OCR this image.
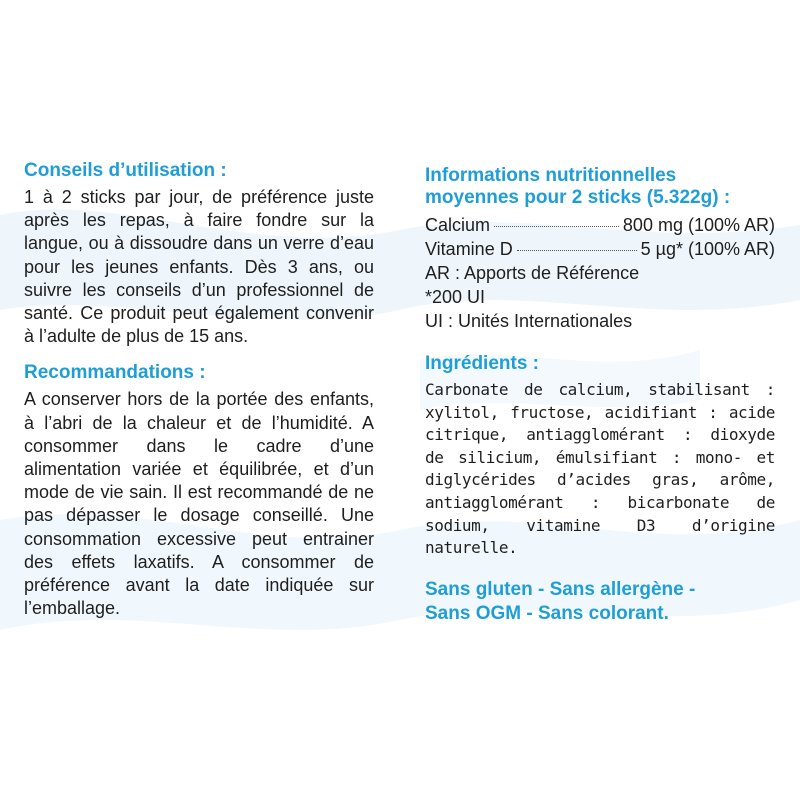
Conseils d’utilisation :

1 à 2 sticks par jour, de préférence juste après les repas, à faire fondre sur la langue, ou à dissoudre dans un verre d’eau pour les jeunes enfants. Dès 3 ans, ou suivre les conseils d’un professionnel de santé. Ce produit peut également convenir à l’adulte de plus de 15 ans.

Recommandations :

A conserver hors de la portée des enfants, à l’abri de la chaleur et de l’humidité. A consommer dans le cadre d’une alimentation variée et équilibrée, et d’un mode de vie sain. Il est recommandé de ne pas dépasser le dosage conseillé. Une consommation excessive peut entrainer des effets laxatifs. A consommer de préférence avant la date indiquée sur l’emballage.

Informations nutritionnelles
moyennes pour 2 sticks (5.322g) :
Calcium	800 mg (100% AR)
Vitamine D	5 µg* (100% AR)

AR : Apports de Référence

*200 UI

UI : Unités Internationales

Ingrédients :

Carbonate de calcium, stabilisant : xylitol, fructose, acidifiant : acide citrique, antiagglomérant : dioxyde de silicium, émulsifiant : mono- et diglycérides d’acides gras, arôme, antiagglomérant : bicarbonate de sodium, vitamine D3 d’origine naturelle.

Sans gluten - Sans allergène -

Sans OGM - Sans colorant.
